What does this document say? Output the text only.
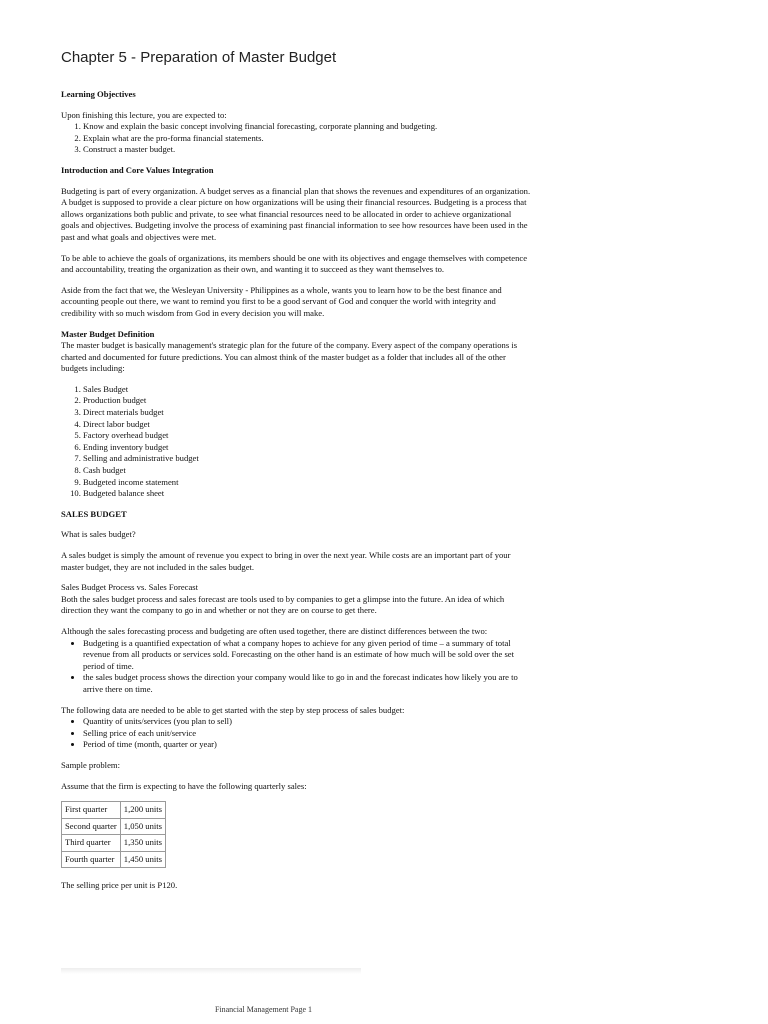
Chapter 5 - Preparation of Master Budget
Learning Objectives

Upon finishing this lecture, you are expected to:

1. Know and explain the basic concept involving financial forecasting, corporate planning and budgeting.
2. Explain what are the pro-forma financial statements.
3. Construct a master budget.
Introduction and Core Values Integration

Budgeting is part of every organization. A budget serves as a financial plan that shows the revenues and expenditures of an organization. A budget is supposed to provide a clear picture on how organizations will be using their financial resources. Budgeting is a process that allows organizations both public and private, to see what financial resources need to be allocated in order to achieve organizational goals and objectives. Budgeting involve the process of examining past financial information to see how resources have been used in the past and what goals and objectives were met.

To be able to achieve the goals of organizations, its members should be one with its objectives and engage themselves with competence and accountability, treating the organization as their own, and wanting it to succeed as they want themselves to.

Aside from the fact that we, the Wesleyan University - Philippines as a whole, wants you to learn how to be the best finance and accounting people out there, we want to remind you first to be a good servant of God and conquer the world with integrity and credibility with so much wisdom from God in every decision you will make.

Master Budget Definition

The master budget is basically management's strategic plan for the future of the company. Every aspect of the company operations is charted and documented for future predictions. You can almost think of the master budget as a folder that includes all of the other budgets including:

1. Sales Budget
2. Production budget
3. Direct materials budget
4. Direct labor budget
5. Factory overhead budget
6. Ending inventory budget
7. Selling and administrative budget
8. Cash budget
9. Budgeted income statement
10. Budgeted balance sheet
SALES BUDGET

What is sales budget?

A sales budget is simply the amount of revenue you expect to bring in over the next year. While costs are an important part of your master budget, they are not included in the sales budget.

Sales Budget Process vs. Sales Forecast

Both the sales budget process and sales forecast are tools used to by companies to get a glimpse into the future. An idea of which direction they want the company to go in and whether or not they are on course to get there.

Although the sales forecasting process and budgeting are often used together, there are distinct differences between the two:

• Budgeting is a quantified expectation of what a company hopes to achieve for any given period of time – a summary of total revenue from all products or services sold. Forecasting on the other hand is an estimate of how much will be sold over the set period of time.
• the sales budget process shows the direction your company would like to go in and the forecast indicates how likely you are to arrive there on time.

The following data are needed to be able to get started with the step by step process of sales budget:

• Quantity of units/services (you plan to sell)
• Selling price of each unit/service
• Period of time (month, quarter or year)

Sample problem:

Assume that the firm is expecting to have the following quarterly sales:

First quarter	1,200 units
Second quarter	1,050 units
Third quarter	1,350 units
Fourth quarter	1,450 units

The selling price per unit is P120.

Financial Management Page 1
